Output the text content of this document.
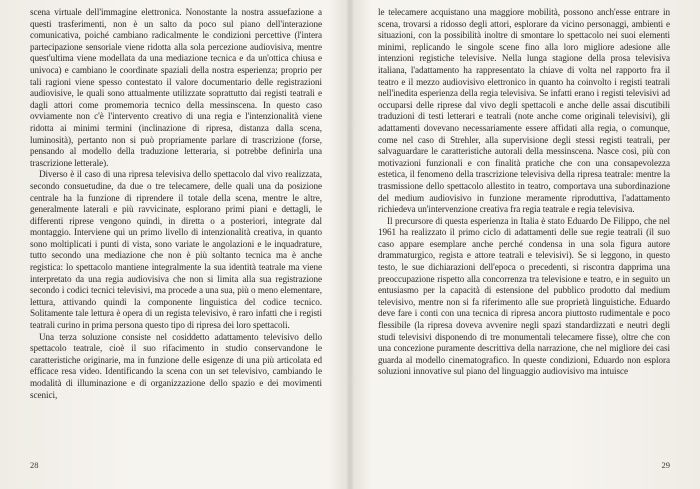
scena virtuale dell'immagine elettronica. Nonostante la nostra assuefazione a questi trasferimenti, non è un salto da poco sul piano dell'interazione comunicativa, poiché cambiano radicalmente le condizioni percettive (l'intera partecipazione sensoriale viene ridotta alla sola percezione audiovisiva, mentre quest'ultima viene modellata da una mediazione tecnica e da un'ottica chiusa e univoca) e cambiano le coordinate spaziali della nostra esperienza; proprio per tali ragioni viene spesso contestato il valore documentario delle registrazioni audiovisive, le quali sono attualmente utilizzate soprattutto dai registi teatrali e dagli attori come promemoria tecnico della messinscena. In questo caso ovviamente non c'è l'intervento creativo di una regia e l'intenzionalità viene ridotta ai minimi termini (inclinazione di ripresa, distanza dalla scena, luminosità), pertanto non si può propriamente parlare di trascrizione (forse, pensando al modello della traduzione letteraria, si potrebbe definirla una trascrizione letterale).

Diverso è il caso di una ripresa televisiva dello spettacolo dal vivo realizzata, secondo consuetudine, da due o tre telecamere, delle quali una da posizione centrale ha la funzione di riprendere il totale della scena, mentre le altre, generalmente laterali e più ravvicinate, esplorano primi piani e dettagli, le differenti riprese vengono quindi, in diretta o a posteriori, integrate dal montaggio. Interviene qui un primo livello di intenzionalità creativa, in quanto sono moltiplicati i punti di vista, sono variate le angolazioni e le inquadrature, tutto secondo una mediazione che non è più soltanto tecnica ma è anche registica: lo spettacolo mantiene integralmente la sua identità teatrale ma viene interpretato da una regia audiovisiva che non si limita alla sua registrazione secondo i codici tecnici televisivi, ma procede a una sua, più o meno elementare, lettura, attivando quindi la componente linguistica del codice tecnico. Solitamente tale lettura è opera di un regista televisivo, è raro infatti che i registi teatrali curino in prima persona questo tipo di ripresa dei loro spettacoli.

Una terza soluzione consiste nel cosiddetto adattamento televisivo dello spettacolo teatrale, cioè il suo rifacimento in studio conservandone le caratteristiche originarie, ma in funzione delle esigenze di una più articolata ed efficace resa video. Identificando la scena con un set televisivo, cambiando le modalità di illuminazione e di organizzazione dello spazio e dei movimenti scenici,

28

le telecamere acquistano una maggiore mobilità, possono anch'esse entrare in scena, trovarsi a ridosso degli attori, esplorare da vicino personaggi, ambienti e situazioni, con la possibilità inoltre di smontare lo spettacolo nei suoi elementi minimi, replicando le singole scene fino alla loro migliore adesione alle intenzioni registiche televisive. Nella lunga stagione della prosa televisiva italiana, l'adattamento ha rappresentato la chiave di volta nel rapporto fra il teatro e il mezzo audiovisivo elettronico in quanto ha coinvolto i registi teatrali nell'inedita esperienza della regia televisiva. Se infatti erano i registi televisivi ad occuparsi delle riprese dal vivo degli spettacoli e anche delle assai discutibili traduzioni di testi letterari e teatrali (note anche come originali televisivi), gli adattamenti dovevano necessariamente essere affidati alla regia, o comunque, come nel caso di Strehler, alla supervisione degli stessi registi teatrali, per salvaguardare le caratteristiche autorali della messinscena. Nasce così, più con motivazioni funzionali e con finalità pratiche che con una consapevolezza estetica, il fenomeno della trascrizione televisiva della ripresa teatrale: mentre la trasmissione dello spettacolo allestito in teatro, comportava una subordinazione del medium audiovisivo in funzione meramente riproduttiva, l'adattamento richiedeva un'intervenzione creativa fra regia teatrale e regia televisiva.

Il precursore di questa esperienza in Italia è stato Eduardo De Filippo, che nel 1961 ha realizzato il primo ciclo di adattamenti delle sue regie teatrali (il suo caso appare esemplare anche perché condensa in una sola figura autore drammaturgico, regista e attore teatrali e televisivi). Se si leggono, in questo testo, le sue dichiarazioni dell'epoca o precedenti, si riscontra dapprima una preoccupazione rispetto alla concorrenza tra televisione e teatro, e in seguito un entusiasmo per la capacità di estensione del pubblico prodotto dal medium televisivo, mentre non si fa riferimento alle sue proprietà linguistiche. Eduardo deve fare i conti con una tecnica di ripresa ancora piuttosto rudimentale e poco flessibile (la ripresa doveva avvenire negli spazi standardizzati e neutri degli studi televisivi disponendo di tre monumentali telecamere fisse), oltre che con una concezione puramente descrittiva della narrazione, che nel migliore dei casi guarda al modello cinematografico. In queste condizioni, Eduardo non esplora soluzioni innovative sul piano del linguaggio audiovisivo ma intuisce

29
